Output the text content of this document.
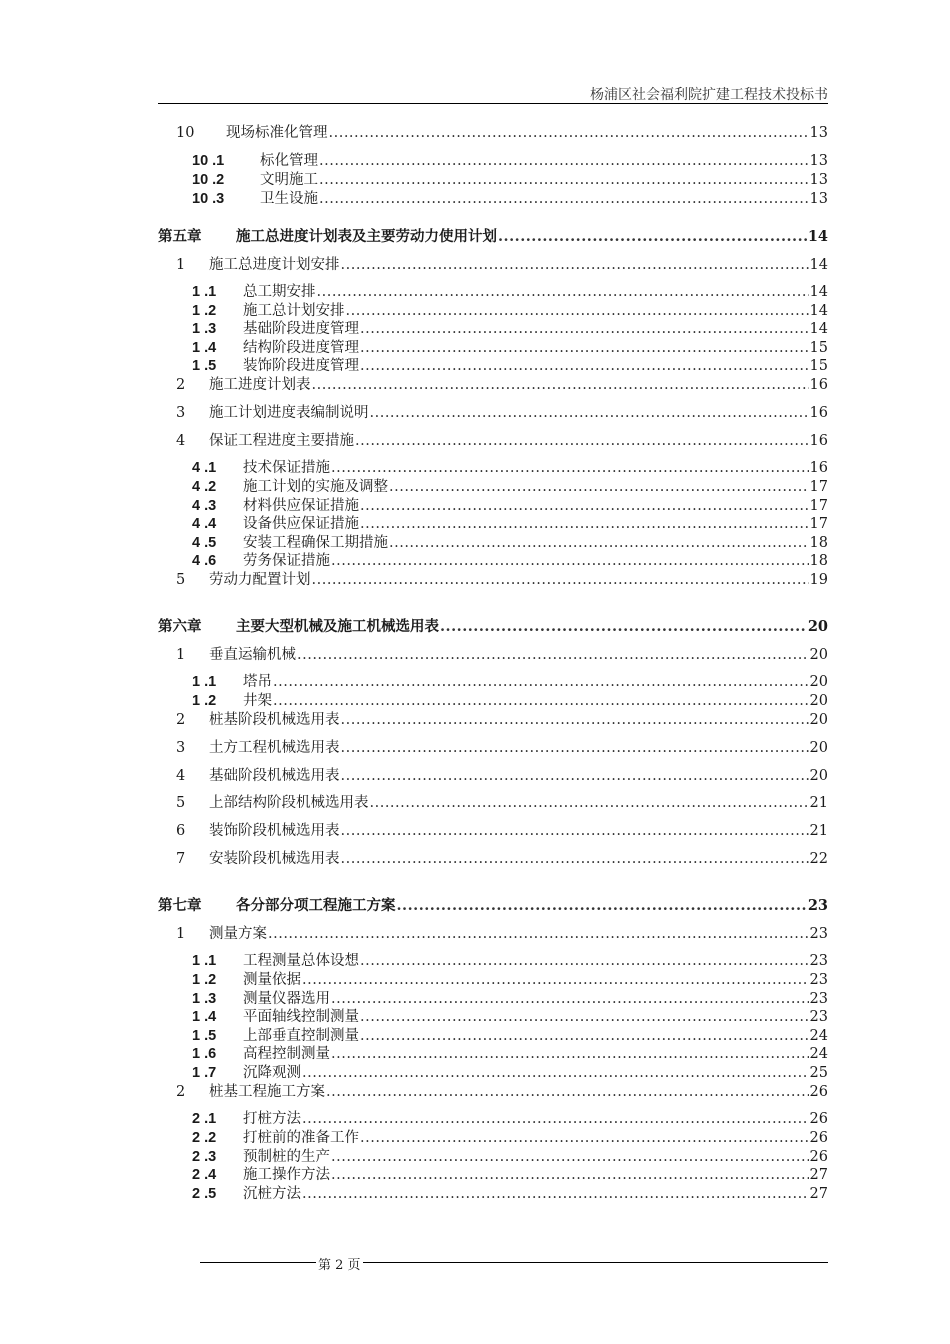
杨浦区社会福利院扩建工程技术投标书
10 现场标准化管理 .....	13
10 .1 标化管理 .....	13
10 .2 文明施工 .....	13
10 .3 卫生设施 .....	13
第五章 施工总进度计划表及主要劳动力使用计划 .....	14
1 施工总进度计划安排 .....	14
1 .1 总工期安排 .....	14
1 .2 施工总计划安排 .....	14
1 .3 基础阶段进度管理 .....	14
1 .4 结构阶段进度管理 .....	15
1 .5 装饰阶段进度管理 .....	15
2 施工进度计划表 .....	16
3 施工计划进度表编制说明 .....	16
4 保证工程进度主要措施 .....	16
4 .1 技术保证措施 .....	16
4 .2 施工计划的实施及调整 .....	17
4 .3 材料供应保证措施 .....	17
4 .4 设备供应保证措施 .....	17
4 .5 安装工程确保工期措施 .....	18
4 .6 劳务保证措施 .....	18
5 劳动力配置计划 .....	19
第六章 主要大型机械及施工机械选用表 .....	20
1 垂直运输机械 .....	20
1 .1 塔吊 .....	20
1 .2 井架 .....	20
2 桩基阶段机械选用表 .....	20
3 土方工程机械选用表 .....	20
4 基础阶段机械选用表 .....	20
5 上部结构阶段机械选用表 .....	21
6 装饰阶段机械选用表 .....	21
7 安装阶段机械选用表 .....	22
第七章 各分部分项工程施工方案 .....	23
1 测量方案 .....	23
1 .1 工程测量总体设想 .....	23
1 .2 测量依据 .....	23
1 .3 测量仪器选用 .....	23
1 .4 平面轴线控制测量 .....	23
1 .5 上部垂直控制测量 .....	24
1 .6 高程控制测量 .....	24
1 .7 沉降观测 .....	25
2 桩基工程施工方案 .....	26
2 .1 打桩方法 .....	26
2 .2 打桩前的准备工作 .....	26
2 .3 预制桩的生产 .....	26
2 .4 施工操作方法 .....	27
2 .5 沉桩方法 .....	27
第 2 页
